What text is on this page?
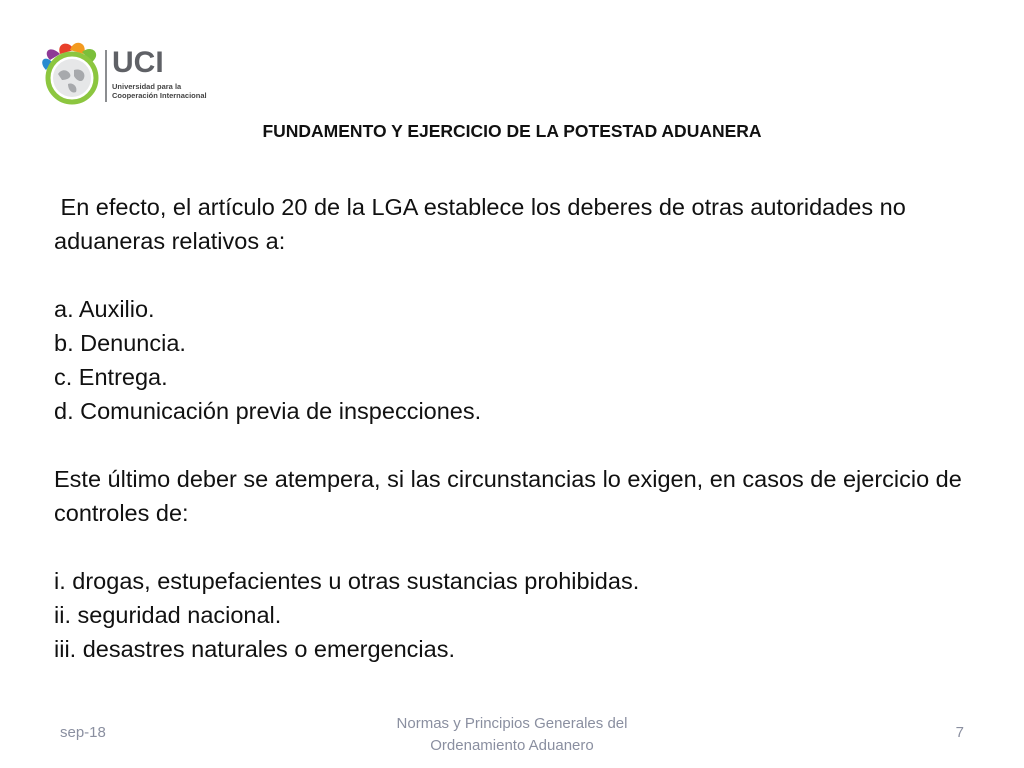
UCI
Universidad para la
Cooperación Internacional
FUNDAMENTO Y EJERCICIO DE LA POTESTAD ADUANERA

En efecto, el artículo 20 de la LGA establece los deberes de otras autoridades no aduaneras relativos a:

a. Auxilio.

b. Denuncia.

c. Entrega.

d. Comunicación previa de inspecciones.

Este último deber se atempera, si las circunstancias lo exigen, en casos de ejercicio de controles de:

i. drogas, estupefacientes u otras sustancias prohibidas.

ii. seguridad nacional.

iii. desastres naturales o emergencias.

sep-18
Normas y Principios Generales del
Ordenamiento Aduanero
7
